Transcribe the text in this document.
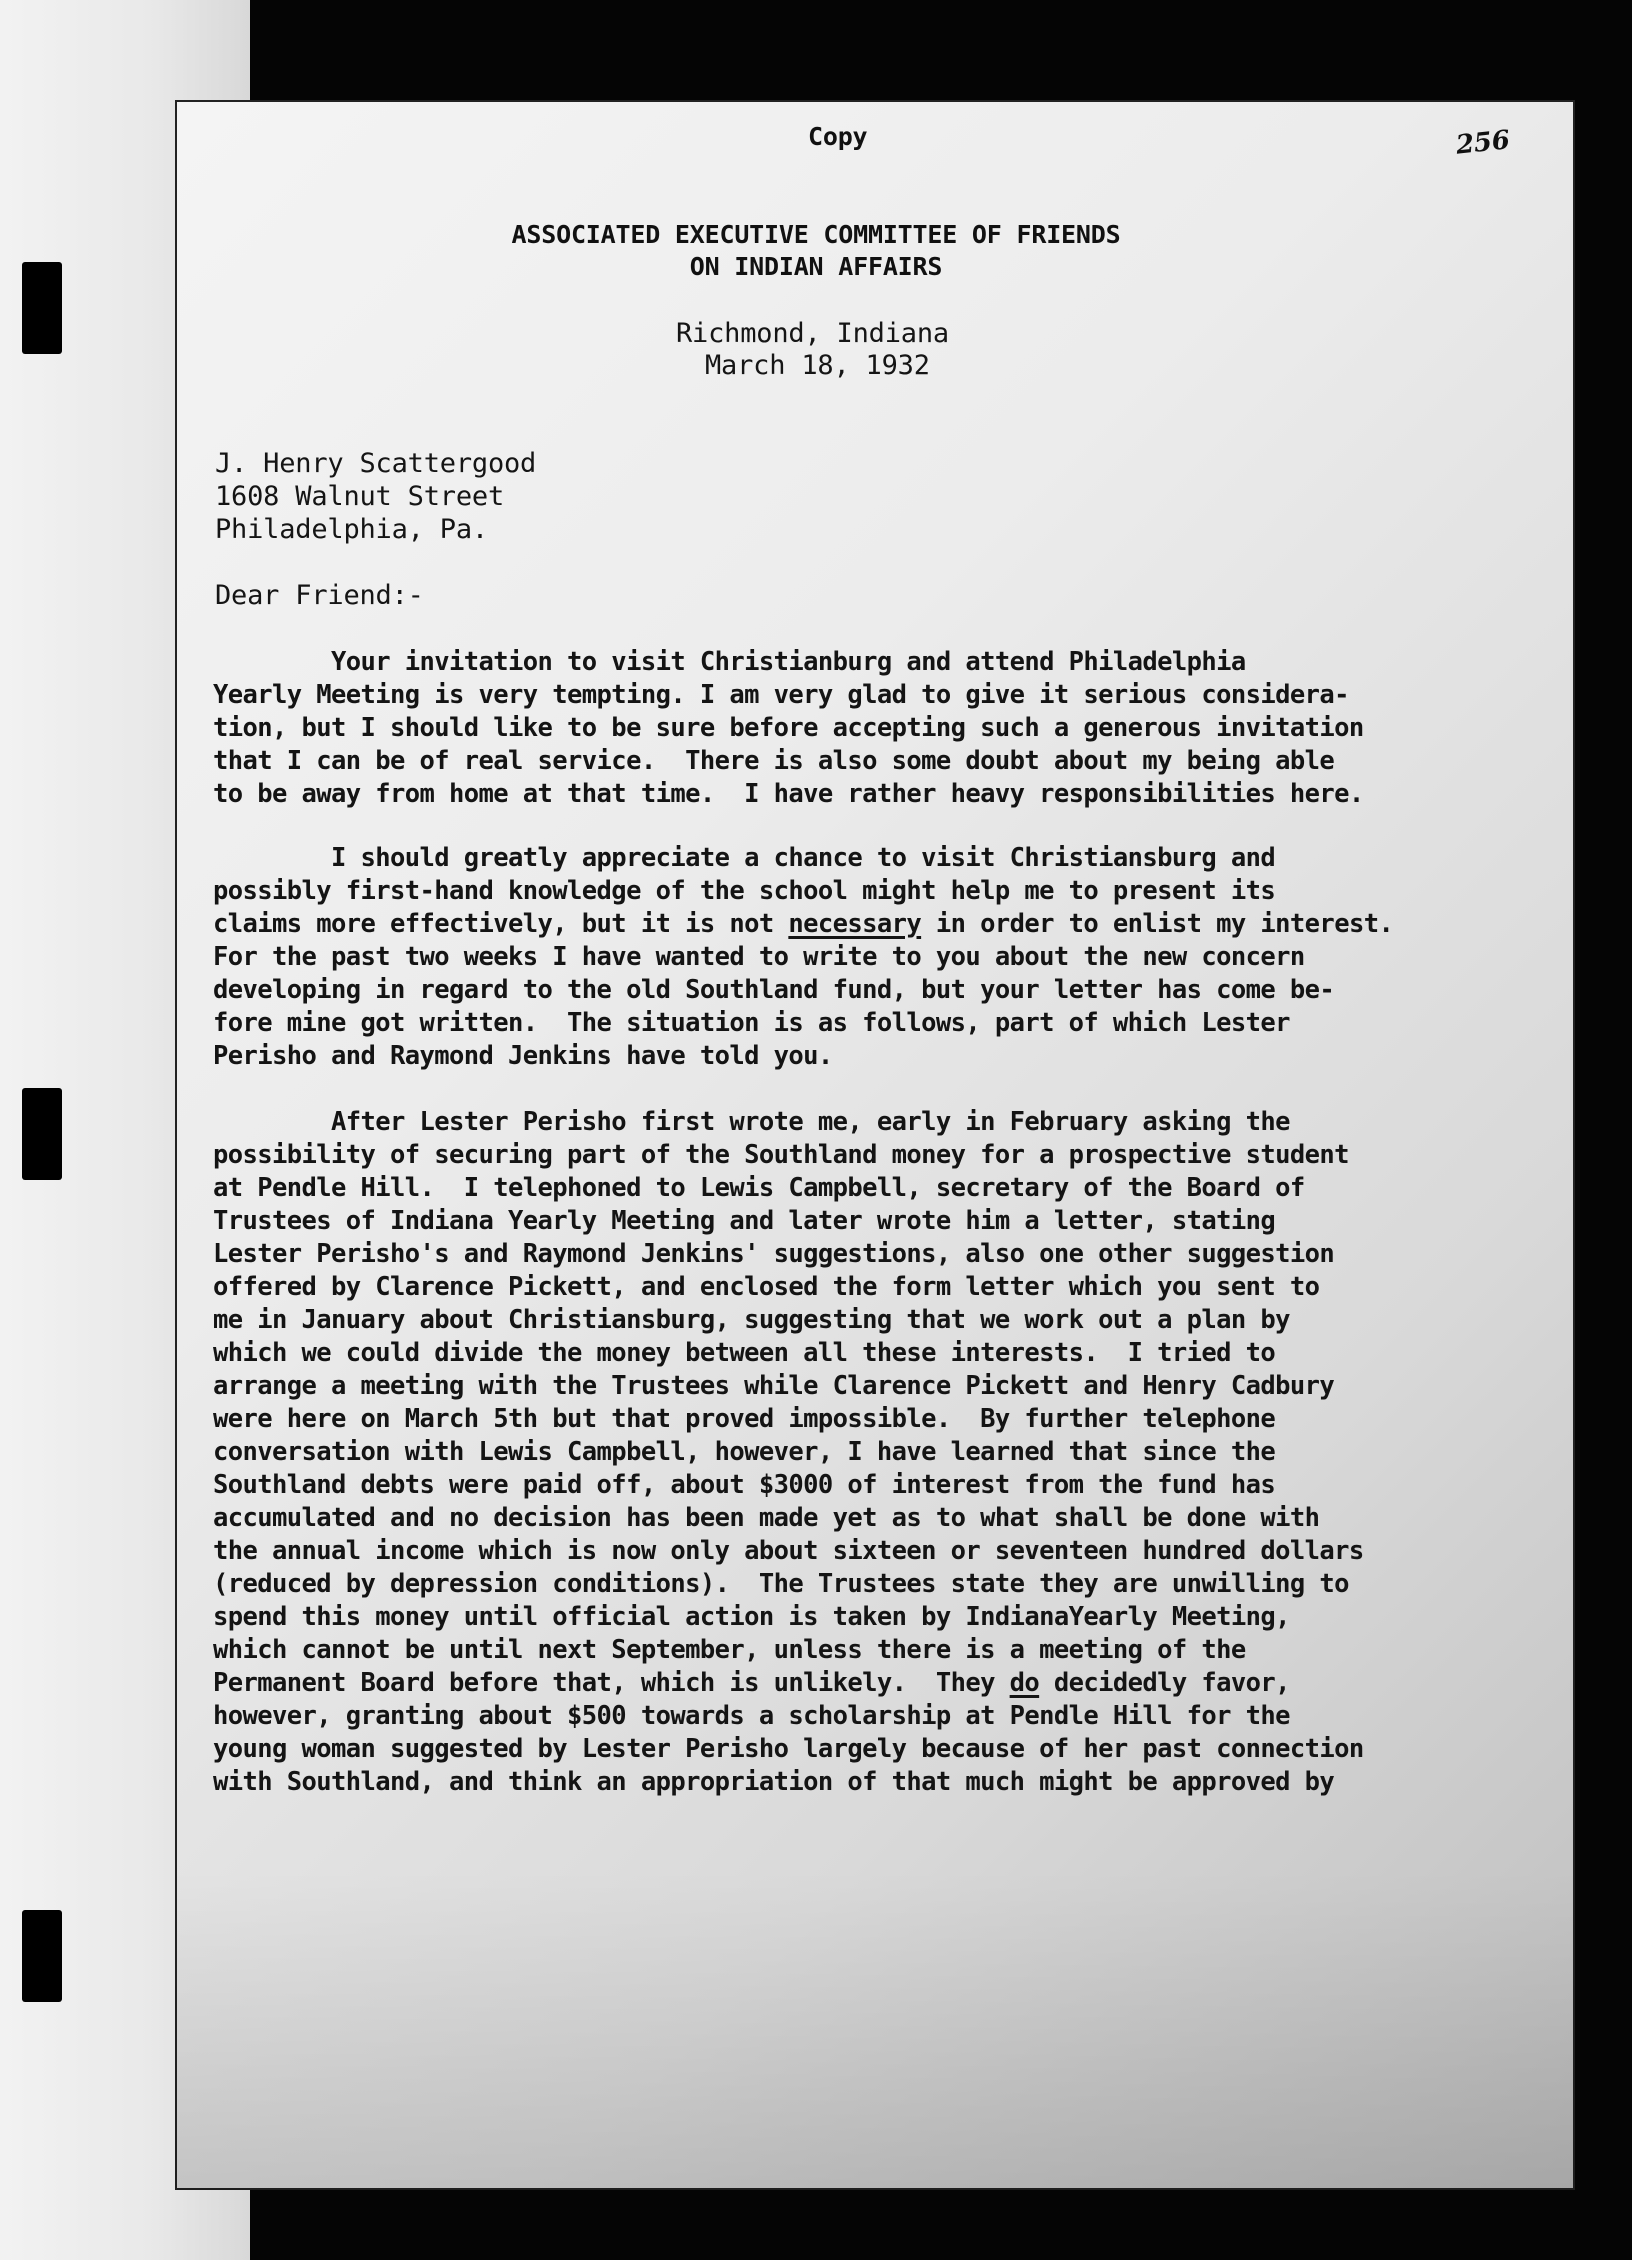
Copy	256
ASSOCIATED EXECUTIVE COMMITTEE OF FRIENDS
ON INDIAN AFFAIRS
Richmond, Indiana
March 18, 1932
J. Henry Scattergood
1608 Walnut Street
Philadelphia, Pa.
Dear Friend:-
Your invitation to visit Christianburg and attend Philadelphia
Yearly Meeting is very tempting. I am very glad to give it serious considera-
tion, but I should like to be sure before accepting such a generous invitation
that I can be of real service.  There is also some doubt about my being able
to be away from home at that time.  I have rather heavy responsibilities here.
I should greatly appreciate a chance to visit Christiansburg and
possibly first-hand knowledge of the school might help me to present its
claims more effectively, but it is not necessary in order to enlist my interest.
For the past two weeks I have wanted to write to you about the new concern
developing in regard to the old Southland fund, but your letter has come be-
fore mine got written.  The situation is as follows, part of which Lester
Perisho and Raymond Jenkins have told you.
After Lester Perisho first wrote me, early in February asking the
possibility of securing part of the Southland money for a prospective student
at Pendle Hill.  I telephoned to Lewis Campbell, secretary of the Board of
Trustees of Indiana Yearly Meeting and later wrote him a letter, stating
Lester Perisho's and Raymond Jenkins' suggestions, also one other suggestion
offered by Clarence Pickett, and enclosed the form letter which you sent to
me in January about Christiansburg, suggesting that we work out a plan by
which we could divide the money between all these interests.  I tried to
arrange a meeting with the Trustees while Clarence Pickett and Henry Cadbury
were here on March 5th but that proved impossible.  By further telephone
conversation with Lewis Campbell, however, I have learned that since the
Southland debts were paid off, about $3000 of interest from the fund has
accumulated and no decision has been made yet as to what shall be done with
the annual income which is now only about sixteen or seventeen hundred dollars
(reduced by depression conditions).  The Trustees state they are unwilling to
spend this money until official action is taken by IndianaYearly Meeting,
which cannot be until next September, unless there is a meeting of the
Permanent Board before that, which is unlikely.  They do decidedly favor,
however, granting about $500 towards a scholarship at Pendle Hill for the
young woman suggested by Lester Perisho largely because of her past connection
with Southland, and think an appropriation of that much might be approved by
